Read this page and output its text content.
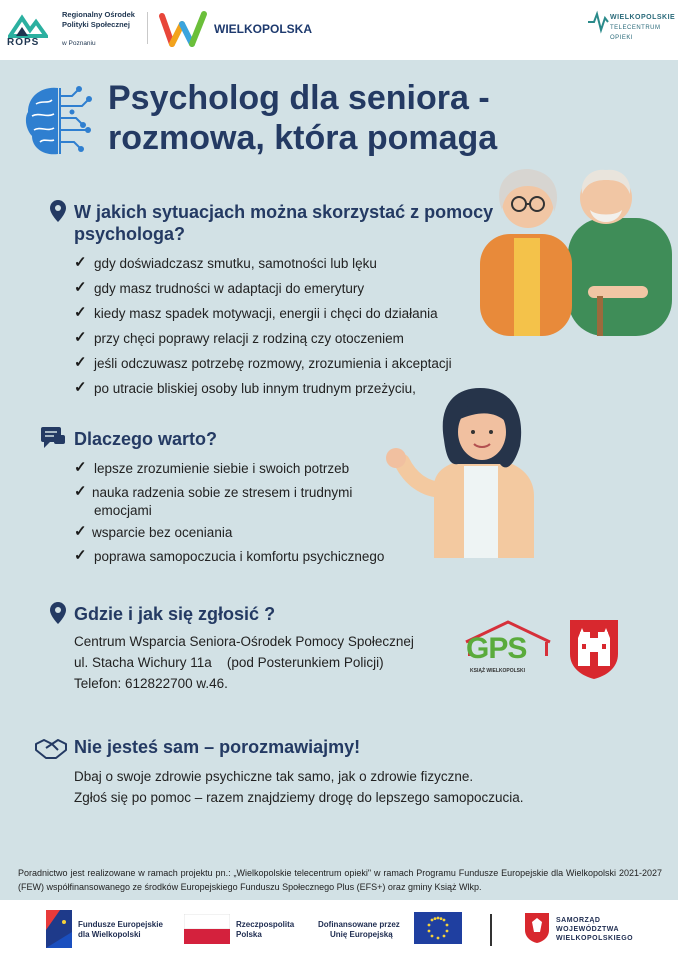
ROPS
Regionalny Ośrodek Polityki Społecznej
w Poznaniu
WIELKOPOLSKA
WIELKOPOLSKIE
TELECENTRUM
OPIEKI
Psycholog dla seniora -
rozmowa, która pomaga
W jakich sytuacjach można skorzystać z pomocy
psychologa?
✓ gdy doświadczasz smutku, samotności lub lęku
✓ gdy masz trudności w adaptacji do emerytury
✓ kiedy masz spadek motywacji, energii i chęci do działania
✓ przy chęci poprawy relacji z rodziną czy otoczeniem
✓ jeśli odczuwasz potrzebę rozmowy, zrozumienia i akceptacji
✓ po utracie bliskiej osoby lub innym trudnym przeżyciu,
Dlaczego warto?
✓ lepsze zrozumienie siebie i swoich potrzeb
✓ nauka radzenia sobie ze stresem i trudnymi
emocjami
✓ wsparcie bez oceniania
✓ poprawa samopoczucia i komfortu psychicznego
Gdzie i jak się zgłosić ?
Centrum Wsparcia Seniora-Ośrodek Pomocy Społecznej
ul. Stacha Wichury 11a    (pod Posterunkiem Policji)
Telefon: 612822700 w.46.
GPS
KSIĄŻ WIELKOPOLSKI
Nie jesteś sam – porozmawiajmy!
Dbaj o swoje zdrowie psychiczne tak samo, jak o zdrowie fizyczne.
Zgłoś się po pomoc – razem znajdziemy drogę do lepszego samopoczucia.
Poradnictwo jest realizowane w ramach projektu pn.: „Wielkopolskie telecentrum opieki" w ramach Programu Fundusze Europejskie dla Wielkopolski 2021-2027 (FEW) współfinansowanego ze środków Europejskiego Funduszu Społecznego Plus (EFS+) oraz gminy Książ Wlkp.
Fundusze Europejskie
dla Wielkopolski
Rzeczpospolita
Polska
Dofinansowane przez
Unię Europejską
SAMORZĄD
WOJEWÓDZTWA
WIELKOPOLSKIEGO
